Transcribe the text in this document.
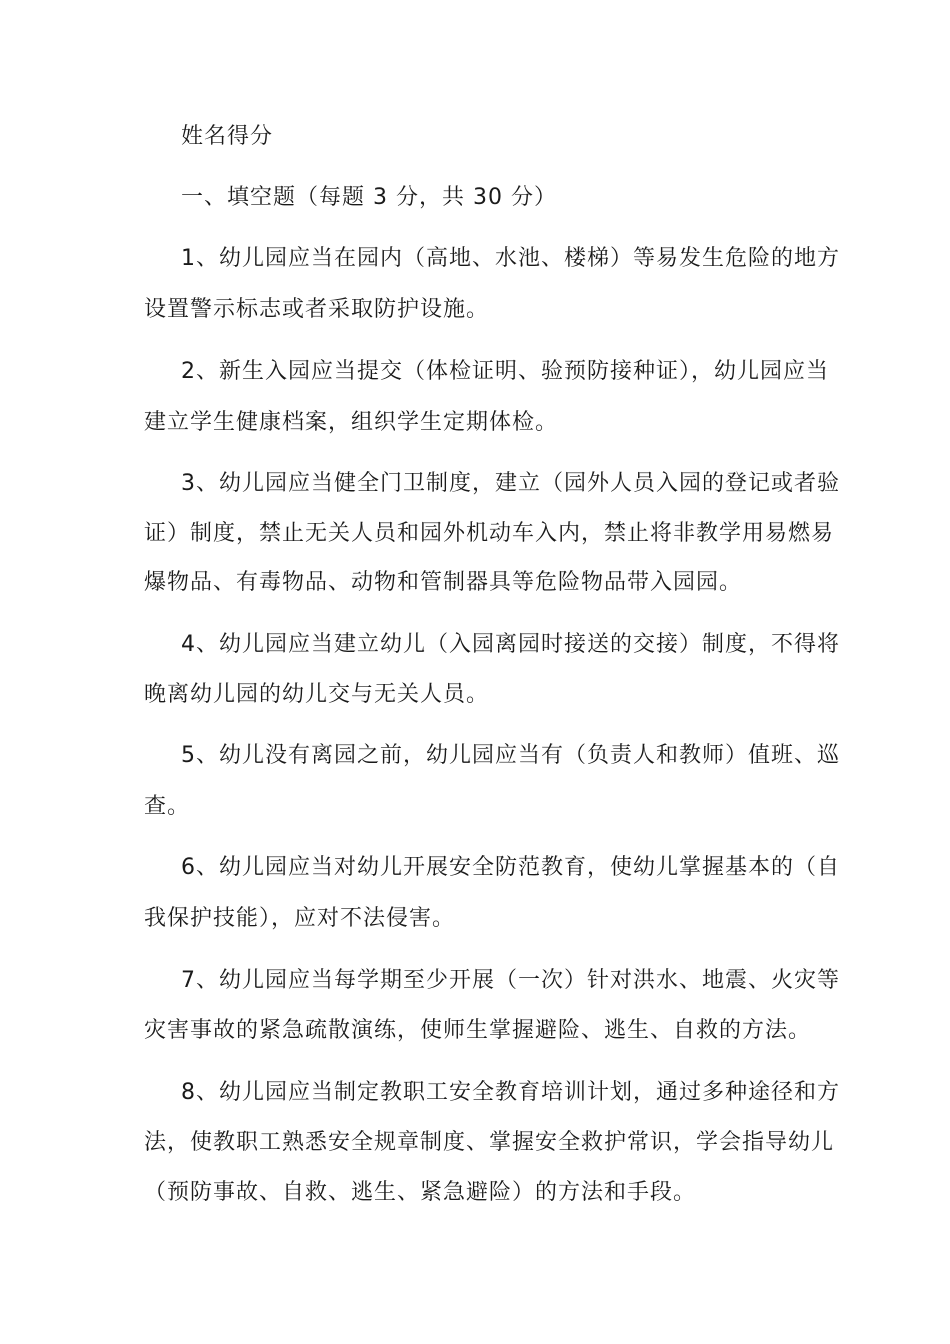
姓名得分
一、填空题（每题 3 分，共 30 分）
1、幼儿园应当在园内（高地、水池、楼梯）等易发生危险的地方
设置警示标志或者采取防护设施。
2、新生入园应当提交（体检证明、验预防接种证），幼儿园应当
建立学生健康档案，组织学生定期体检。
3、幼儿园应当健全门卫制度，建立（园外人员入园的登记或者验
证）制度，禁止无关人员和园外机动车入内，禁止将非教学用易燃易
爆物品、有毒物品、动物和管制器具等危险物品带入园园。
4、幼儿园应当建立幼儿（入园离园时接送的交接）制度，不得将
晚离幼儿园的幼儿交与无关人员。
5、幼儿没有离园之前，幼儿园应当有（负责人和教师）值班、巡
查。
6、幼儿园应当对幼儿开展安全防范教育，使幼儿掌握基本的（自
我保护技能），应对不法侵害。
7、幼儿园应当每学期至少开展（一次）针对洪水、地震、火灾等
灾害事故的紧急疏散演练，使师生掌握避险、逃生、自救的方法。
8、幼儿园应当制定教职工安全教育培训计划，通过多种途径和方
法，使教职工熟悉安全规章制度、掌握安全救护常识，学会指导幼儿
（预防事故、自救、逃生、紧急避险）的方法和手段。
